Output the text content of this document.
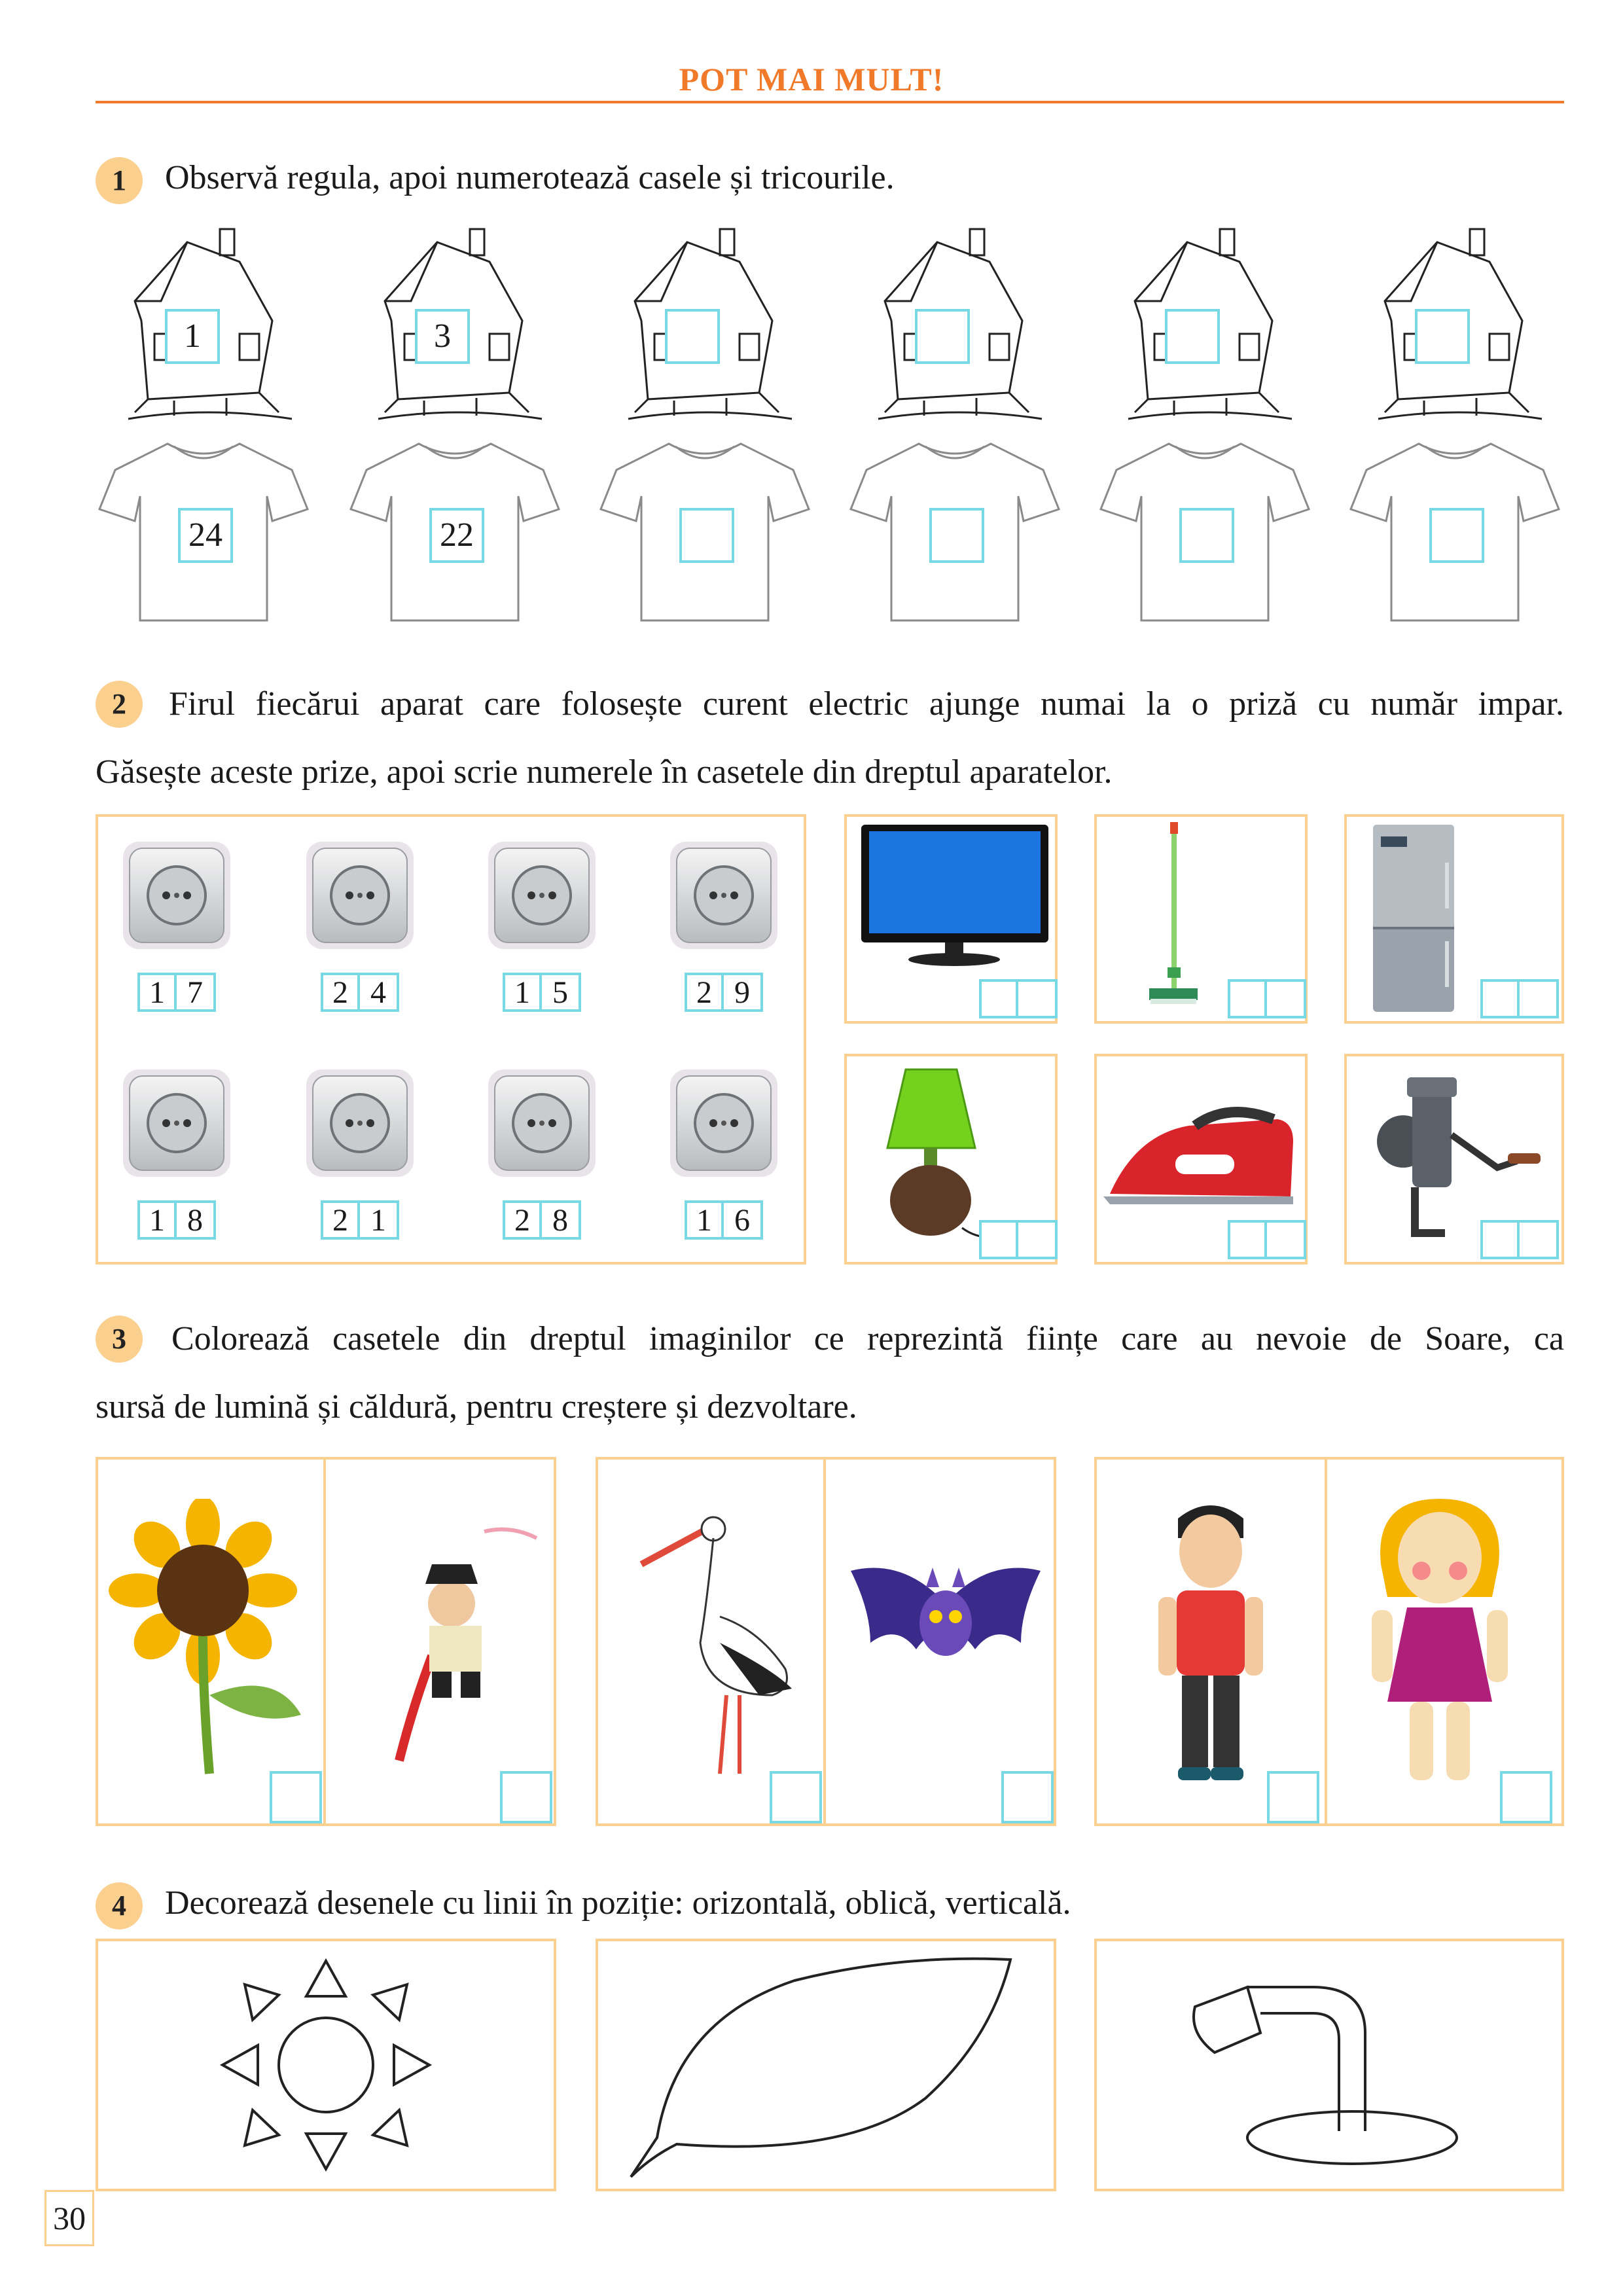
POT MAI MULT!
1	Observă regula, apoi numerotează casele și tricourile.
1	3
24	22
2	Firul fiecărui aparat care folosește curent electric ajunge numai la o priză cu număr impar.
Găsește aceste prize, apoi scrie numerele în casetele din dreptul aparatelor.
1 7	2 4	1 5	2 9
1 8	2 1	2 8	1 6
3	Colorează casetele din dreptul imaginilor ce reprezintă ființe care au nevoie de Soare, ca
sursă de lumină și căldură, pentru creștere și dezvoltare.
4	Decorează desenele cu linii în poziție: orizontală, oblică, verticală.
30
